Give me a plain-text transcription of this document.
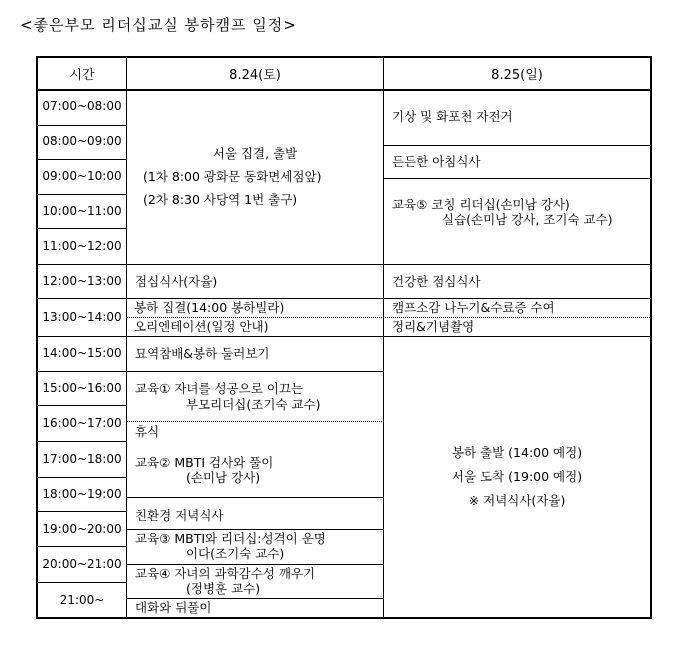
<좋은부모 리더십교실 봉하캠프 일정>
시간	8.24(토)	8.25(일)
07:00~08:00
08:00~09:00
09:00~10:00
10:00~11:00
11:00~12:00
12:00~13:00
13:00~14:00
14:00~15:00
15:00~16:00
16:00~17:00
17:00~18:00
18:00~19:00
19:00~20:00
20:00~21:00
21:00~
서울 집결, 출발
(1차 8:00 광화문 동화면세점앞)
(2차 8:30 사당역 1번 출구)
점심식사(자율)
봉하 집결(14:00 봉하빌라)
오리엔테이션(일정 안내)
묘역참배&봉하 둘러보기
교육① 자녀를 성공으로 이끄는
부모리더십(조기숙 교수)
휴식
교육② MBTI 검사와 풀이
(손미남 강사)
친환경 저녁식사
교육③ MBTI와 리더십:성격이 운명
이다(조기숙 교수)
교육④ 자녀의 과학감수성 깨우기
(정병훈 교수)
대화와 뒤풀이
기상 및 화포천 자전거
든든한 아침식사
교육⑤ 코칭 리더십(손미남 강사)
실습(손미남 강사, 조기숙 교수)
건강한 점심식사
캠프소감 나누기&수료증 수여
정리&기념촬영
봉하 출발 (14:00 예정)
서울 도착 (19:00 예정)
※ 저녁식사(자율)
